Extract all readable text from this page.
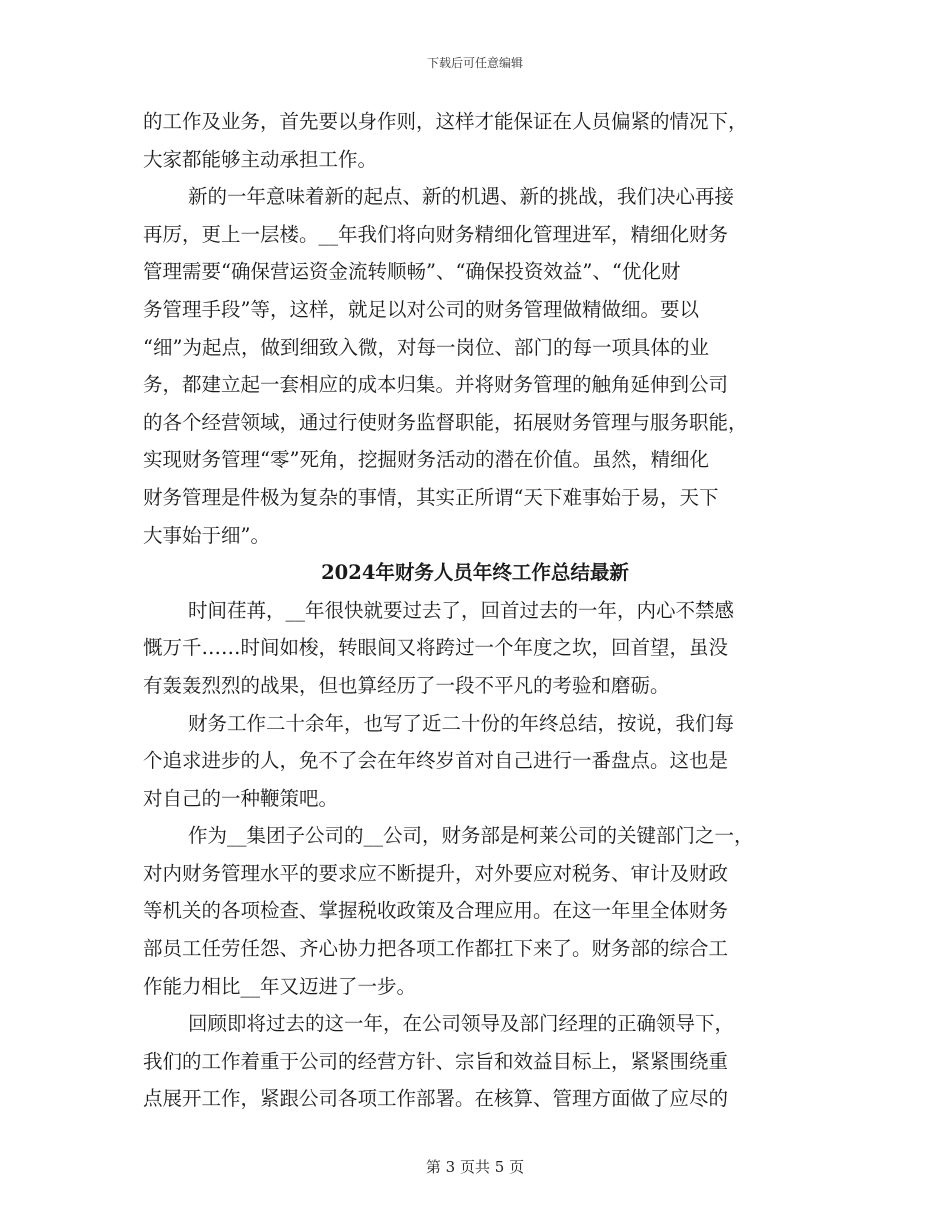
下载后可任意编辑
的工作及业务，首先要以身作则，这样才能保证在人员偏紧的情况下，
大家都能够主动承担工作。
新的一年意味着新的起点、新的机遇、新的挑战，我们决心再接
再厉，更上一层楼。__年我们将向财务精细化管理进军，精细化财务
管理需要“确保营运资金流转顺畅”、“确保投资效益”、“优化财
务管理手段”等，这样，就足以对公司的财务管理做精做细。要以
“细”为起点，做到细致入微，对每一岗位、部门的每一项具体的业
务，都建立起一套相应的成本归集。并将财务管理的触角延伸到公司
的各个经营领域，通过行使财务监督职能，拓展财务管理与服务职能，
实现财务管理“零”死角，挖掘财务活动的潜在价值。虽然，精细化
财务管理是件极为复杂的事情，其实正所谓“天下难事始于易，天下
大事始于细”。
2024年财务人员年终工作总结最新
时间荏苒，__年很快就要过去了，回首过去的一年，内心不禁感
慨万千……时间如梭，转眼间又将跨过一个年度之坎，回首望，虽没
有轰轰烈烈的战果，但也算经历了一段不平凡的考验和磨砺。
财务工作二十余年，也写了近二十份的年终总结，按说，我们每
个追求进步的人，免不了会在年终岁首对自己进行一番盘点。这也是
对自己的一种鞭策吧。
作为__集团子公司的__公司，财务部是柯莱公司的关键部门之一，
对内财务管理水平的要求应不断提升，对外要应对税务、审计及财政
等机关的各项检查、掌握税收政策及合理应用。在这一年里全体财务
部员工任劳任怨、齐心协力把各项工作都扛下来了。财务部的综合工
作能力相比__年又迈进了一步。
回顾即将过去的这一年，在公司领导及部门经理的正确领导下，
我们的工作着重于公司的经营方针、宗旨和效益目标上，紧紧围绕重
点展开工作，紧跟公司各项工作部署。在核算、管理方面做了应尽的
第 3 页共 5 页
